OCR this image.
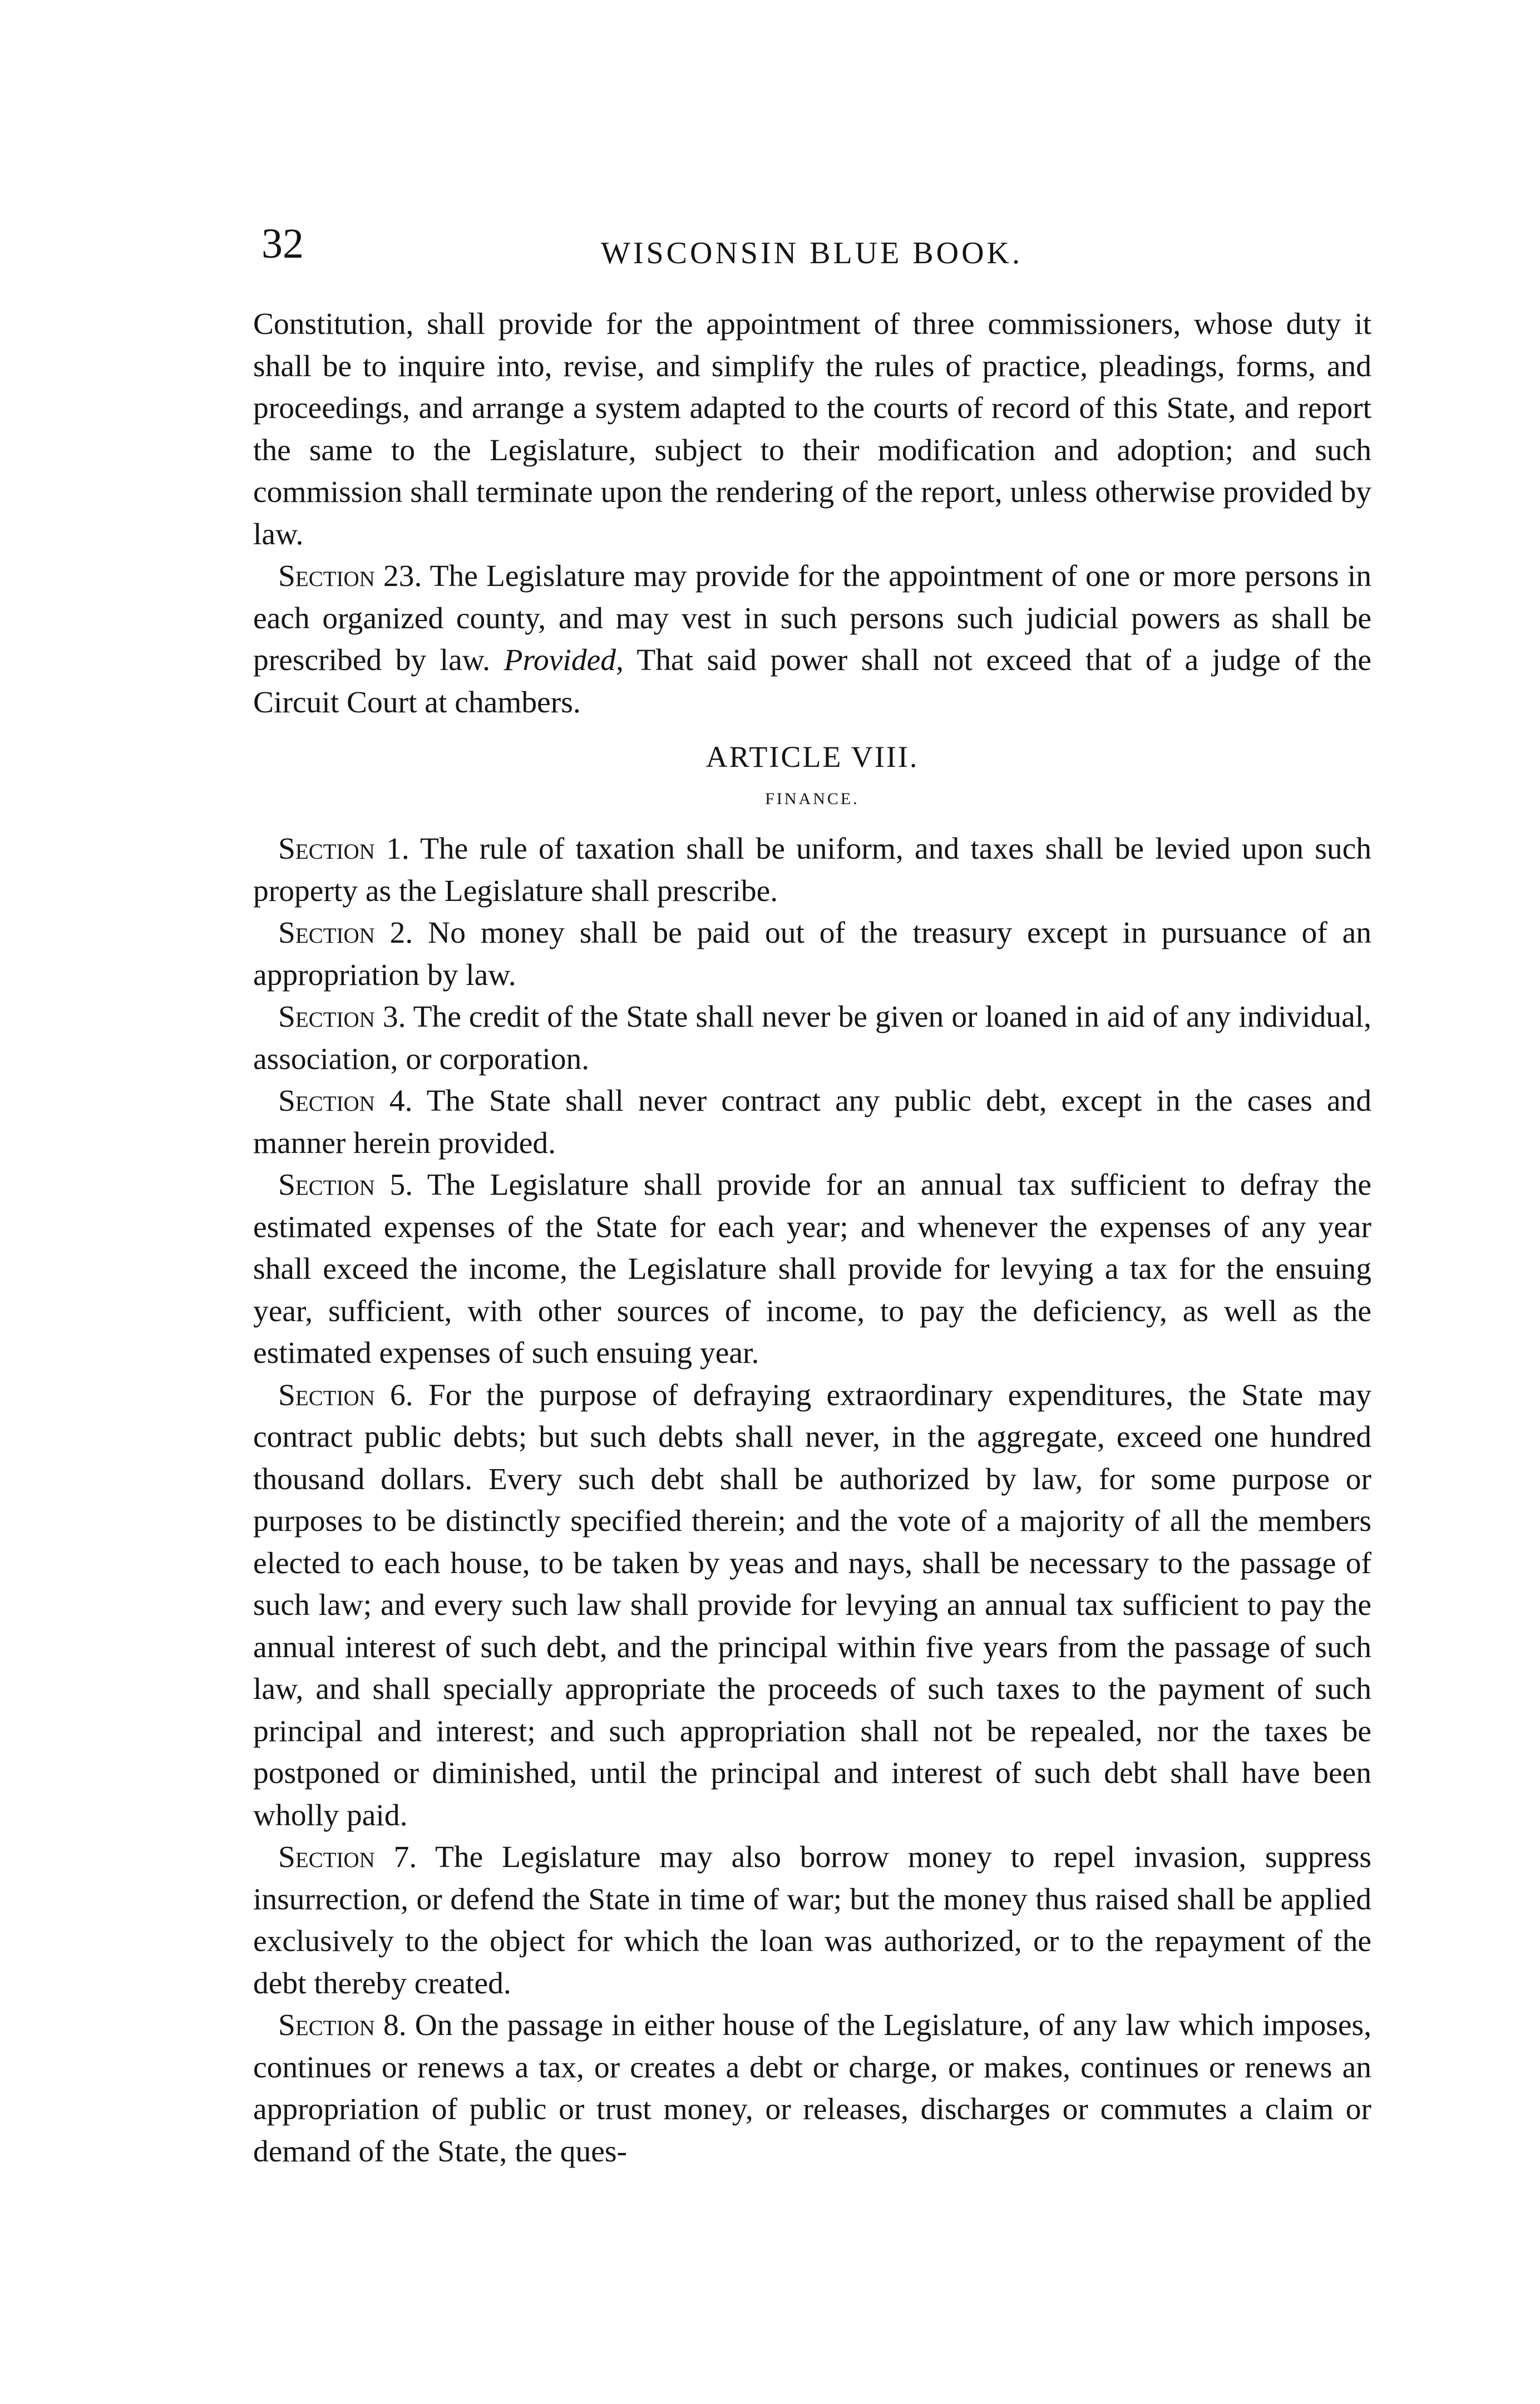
32	WISCONSIN BLUE BOOK.

Constitution, shall provide for the appointment of three commissioners, whose duty it shall be to inquire into, revise, and simplify the rules of practice, pleadings, forms, and proceedings, and arrange a system adapted to the courts of record of this State, and report the same to the Legislature, subject to their modification and adoption; and such commission shall terminate upon the rendering of the report, unless otherwise provided by law.

Section 23. The Legislature may provide for the appointment of one or more persons in each organized county, and may vest in such persons such judicial powers as shall be prescribed by law. Provided, That said power shall not exceed that of a judge of the Circuit Court at chambers.

ARTICLE VIII.
FINANCE.

Section 1. The rule of taxation shall be uniform, and taxes shall be levied upon such property as the Legislature shall prescribe.

Section 2. No money shall be paid out of the treasury except in pursuance of an appropriation by law.

Section 3. The credit of the State shall never be given or loaned in aid of any individual, association, or corporation.

Section 4. The State shall never contract any public debt, except in the cases and manner herein provided.

Section 5. The Legislature shall provide for an annual tax sufficient to defray the estimated expenses of the State for each year; and whenever the expenses of any year shall exceed the income, the Legislature shall provide for levying a tax for the ensuing year, sufficient, with other sources of income, to pay the deficiency, as well as the estimated expenses of such ensuing year.

Section 6. For the purpose of defraying extraordinary expenditures, the State may contract public debts; but such debts shall never, in the aggregate, exceed one hundred thousand dollars. Every such debt shall be authorized by law, for some purpose or purposes to be distinctly specified therein; and the vote of a majority of all the members elected to each house, to be taken by yeas and nays, shall be necessary to the passage of such law; and every such law shall provide for levying an annual tax sufficient to pay the annual interest of such debt, and the principal within five years from the passage of such law, and shall specially appropriate the proceeds of such taxes to the payment of such principal and interest; and such appropriation shall not be repealed, nor the taxes be postponed or diminished, until the principal and interest of such debt shall have been wholly paid.

Section 7. The Legislature may also borrow money to repel invasion, suppress insurrection, or defend the State in time of war; but the money thus raised shall be applied exclusively to the object for which the loan was authorized, or to the repayment of the debt thereby created.

Section 8. On the passage in either house of the Legislature, of any law which imposes, continues or renews a tax, or creates a debt or charge, or makes, continues or renews an appropriation of public or trust money, or releases, discharges or commutes a claim or demand of the State, the ques-
